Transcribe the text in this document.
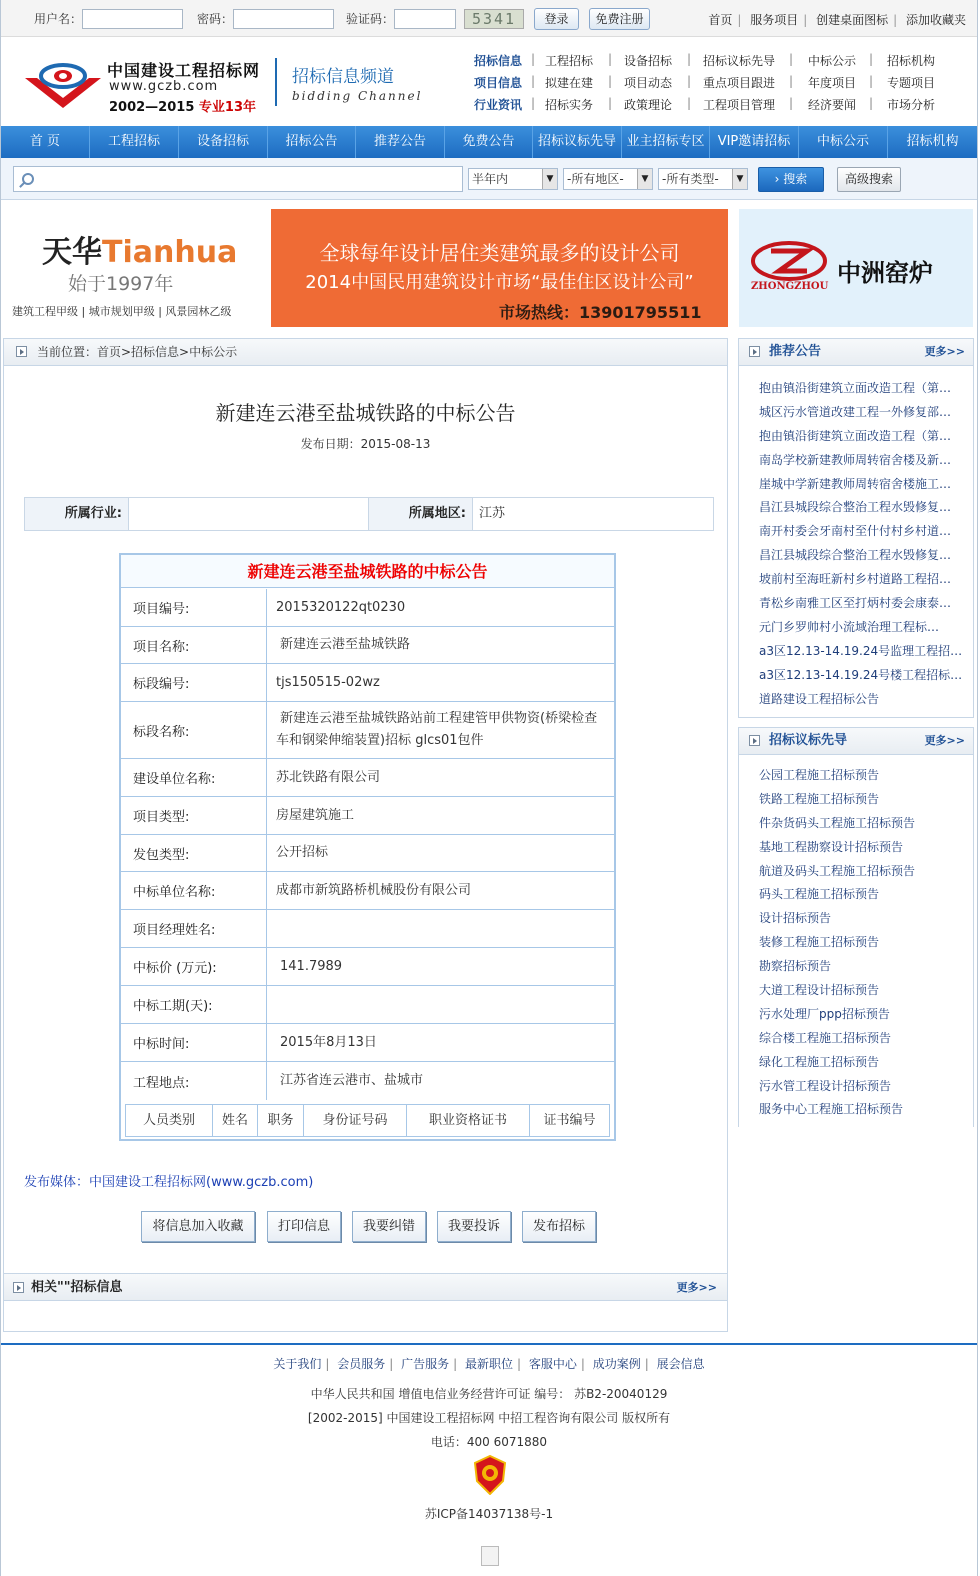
用户名：	密码：	验证码：	5341	登录	免费注册	首页 | 服务项目 | 创建桌面图标 | 添加收藏夹
中国建设工程招标网
www.gczb.com
2002—2015 专业13年
招标信息频道
bidding Channel
招标信息 | 工程招标 | 设备招标 | 招标议标先导 | 中标公示 | 招标机构
项目信息 | 拟建在建 | 项目动态 | 重点项目跟进 | 年度项目 | 专题项目
行业资讯 | 招标实务 | 政策理论 | 工程项目管理 | 经济要闻 | 市场分析
首 页	工程招标	设备招标	招标公告	推荐公告	免费公告	招标议标先导 业主招标专区	VIP邀请招标	中标公示	招标机构
半年内	▼	-所有地区-	▼	-所有类型-	▼	› 搜索	高级搜索
天华Tianhua
始于1997年
建筑工程甲级 | 城市规划甲级 | 风景园林乙级
全球每年设计居住类建筑最多的设计公司
2014中国民用建筑设计市场“最佳住区设计公司”
市场热线：13901795511
中洲窑炉
ZHONGZHOU
当前位置：首页>招标信息>中标公示
新建连云港至盐城铁路的中标公告
发布日期：2015-08-13
所属行业:	所属地区:	江苏
新建连云港至盐城铁路的中标公告
项目编号:	2015320122qt0230
项目名称:	新建连云港至盐城铁路
标段编号:	tjs150515-02wz
标段名称:
新建连云港至盐城铁路站前工程建管甲供物资(桥梁检查车和钢梁伸缩装置)招标 glcs01包件
建设单位名称:	苏北铁路有限公司
项目类型:	房屋建筑施工
发包类型:	公开招标
中标单位名称:	成都市新筑路桥机械股份有限公司
项目经理姓名:
中标价 (万元):	141.7989
中标工期(天):
中标时间:	2015年8月13日
工程地点:	江苏省连云港市、盐城市
人员类别	姓名	职务	身份证号码	职业资格证书	证书编号
发布媒体：中国建设工程招标网(www.gczb.com)
将信息加入收藏	打印信息	我要纠错	我要投诉	发布招标
相关""招标信息	更多>>
推荐公告	更多>>
抱由镇沿街建筑立面改造工程（第…
城区污水管道改建工程一外修复部…
抱由镇沿街建筑立面改造工程（第…
南岛学校新建教师周转宿舍楼及新…
崖城中学新建教师周转宿舍楼施工…
昌江县城段综合整治工程水毁修复…
南开村委会牙南村至什付村乡村道…
昌江县城段综合整治工程水毁修复…
坡前村至海旺新村乡村道路工程招…
青松乡南雅工区至打炳村委会康泰…
元门乡罗帅村小流域治理工程标…
a3区12.13-14.19.24号监理工程招…
a3区12.13-14.19.24号楼工程招标…
道路建设工程招标公告
招标议标先导	更多>>
公园工程施工招标预告
铁路工程施工招标预告
件杂货码头工程施工招标预告
基地工程勘察设计招标预告
航道及码头工程施工招标预告
码头工程施工招标预告
设计招标预告
装修工程施工招标预告
勘察招标预告
大道工程设计招标预告
污水处理厂ppp招标预告
综合楼工程施工招标预告
绿化工程施工招标预告
污水管工程设计招标预告
服务中心工程施工招标预告
关于我们 | 会员服务 | 广告服务 | 最新职位 | 客服中心 | 成功案例 | 展会信息
中华人民共和国 增值电信业务经营许可证 编号： 苏B2-20040129
[2002-2015] 中国建设工程招标网 中招工程咨询有限公司 版权所有
电话：400 6071880
苏ICP备14037138号-1
